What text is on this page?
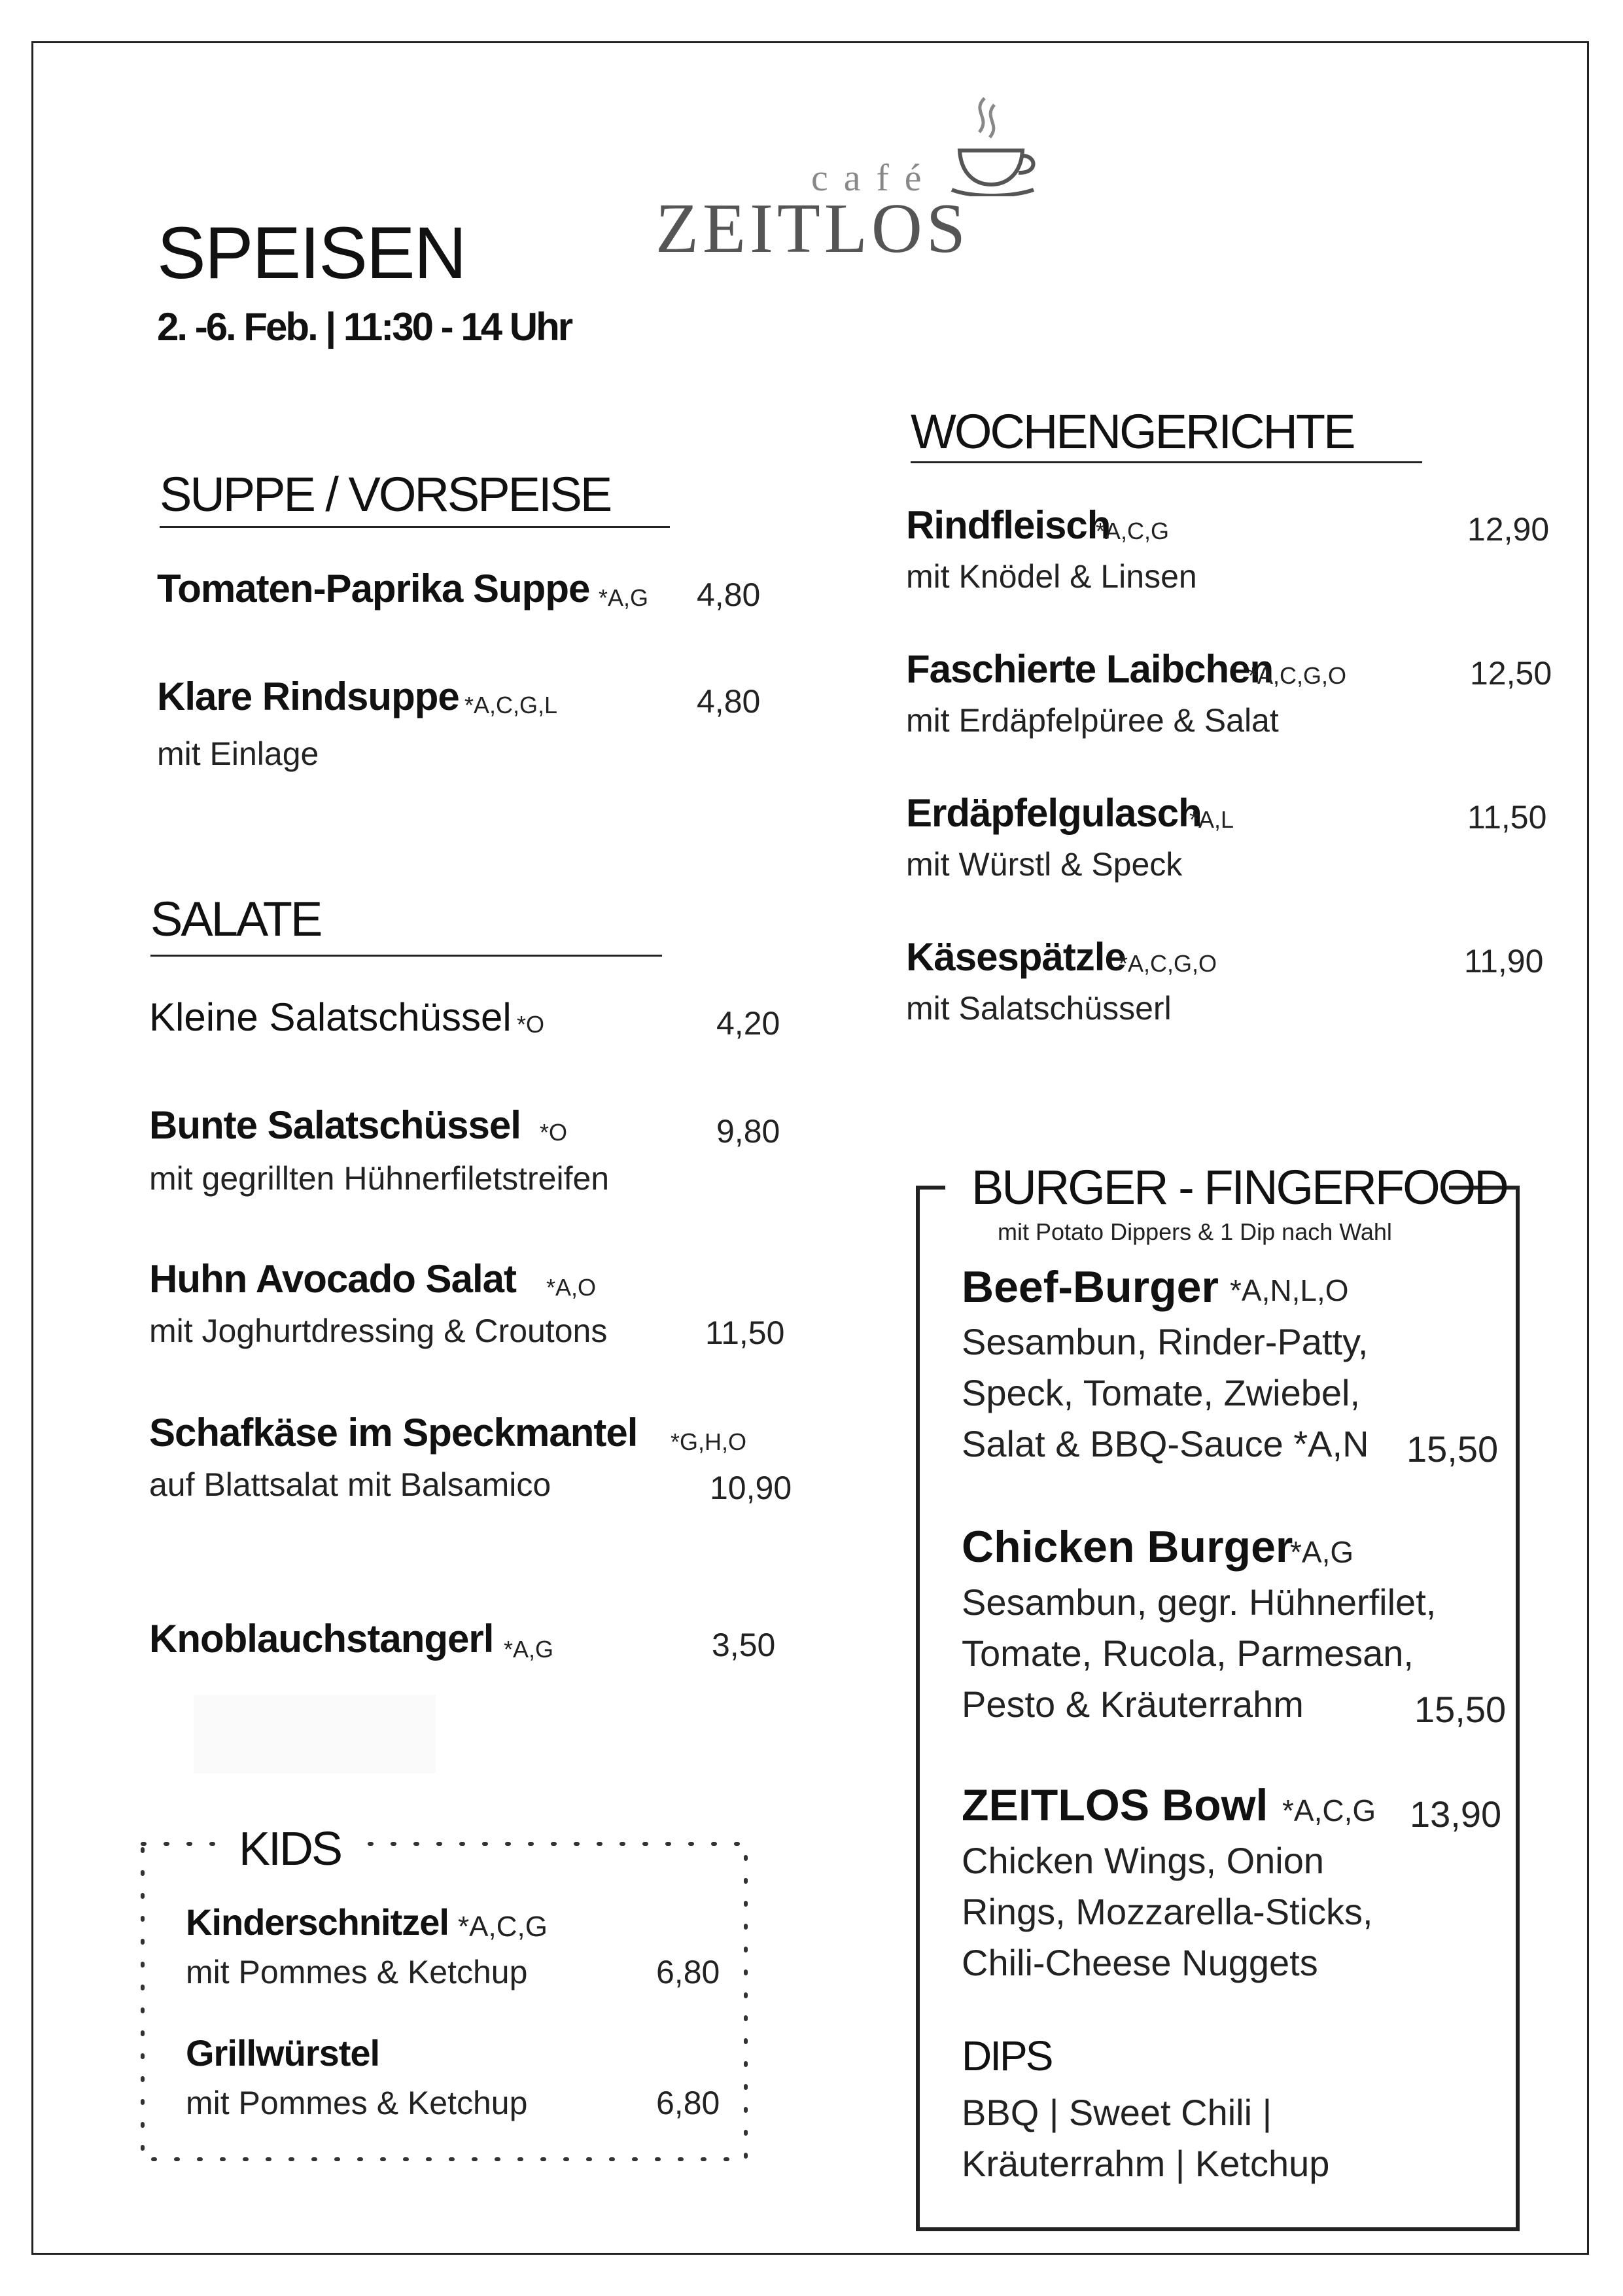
café
ZEITLOS
SPEISEN
2. -6. Feb. | 11:30 - 14 Uhr
SUPPE / VORSPEISE
Tomaten-Paprika Suppe *A,G 4,80
Klare Rindsuppe *A,C,G,L	4,80
mit Einlage
SALATE
Kleine Salatschüssel *O	4,20
Bunte Salatschüssel *O	9,80
mit gegrillten Hühnerfiletstreifen
Huhn Avocado Salat *A,O
mit Joghurtdressing & Croutons	11,50
Schafkäse im Speckmantel *G,H,O
auf Blattsalat mit Balsamico	10,90
Knoblauchstangerl *A,G	3,50
KIDS
Kinderschnitzel *A,C,G
mit Pommes & Ketchup	6,80
Grillwürstel
mit Pommes & Ketchup	6,80
WOCHENGERICHTE
Rindfleisch
*A,C,G	12,90
mit Knödel & Linsen
Faschierte Laibchen
*A,C,G,O	12,50
mit Erdäpfelpüree & Salat
Erdäpfelgulasch
*A,L	11,50
mit Würstl & Speck
Käsespätzle
*A,C,G,O	11,90
mit Salatschüsserl
BURGER - FINGERFOOD
mit Potato Dippers & 1 Dip nach Wahl
Beef-Burger *A,N,L,O
Sesambun, Rinder-Patty, Speck, Tomate, Zwiebel, Salat & BBQ-Sauce *A,N	15,50
Chicken Burger
*A,G
Sesambun, gegr. Hühnerfilet, Tomate, Rucola, Parmesan, Pesto & Kräuterrahm	15,50
ZEITLOS Bowl *A,C,G 13,90
Chicken Wings, Onion Rings, Mozzarella-Sticks, Chili-Cheese Nuggets
DIPS
BBQ | Sweet Chili | Kräuterrahm | Ketchup
